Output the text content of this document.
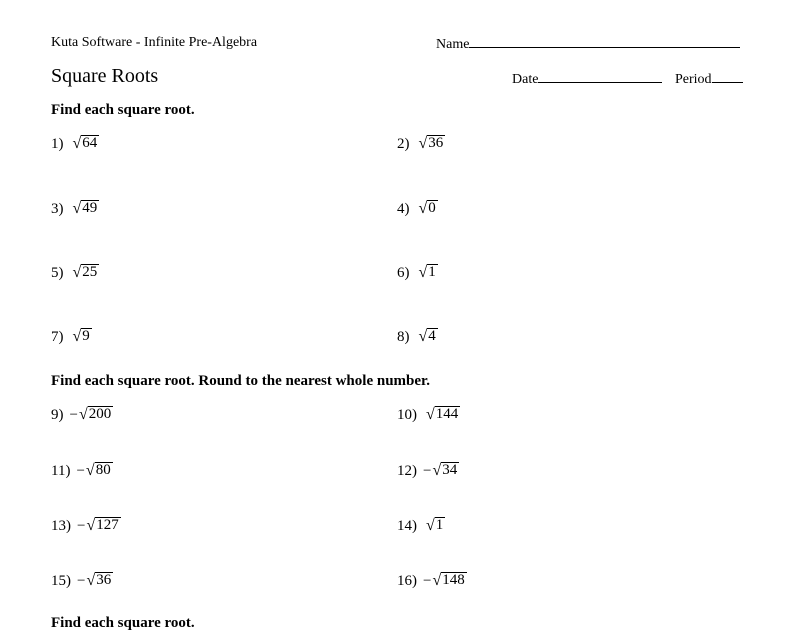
Kuta Software - Infinite Pre-Algebra	Name
Square Roots	Date	Period
Find each square root.
Find each square root. Round to the nearest whole number.
Find each square root.
1) √ 64	2) √ 36
3) √ 49	4) √ 0
5) √ 25	6) √ 1
7) √ 9	8) √ 4
9) − √ 200	10) √ 144
11) − √ 80	12) − √ 34
13) − √ 127	14) √ 1
15) − √ 36	16) − √ 148
